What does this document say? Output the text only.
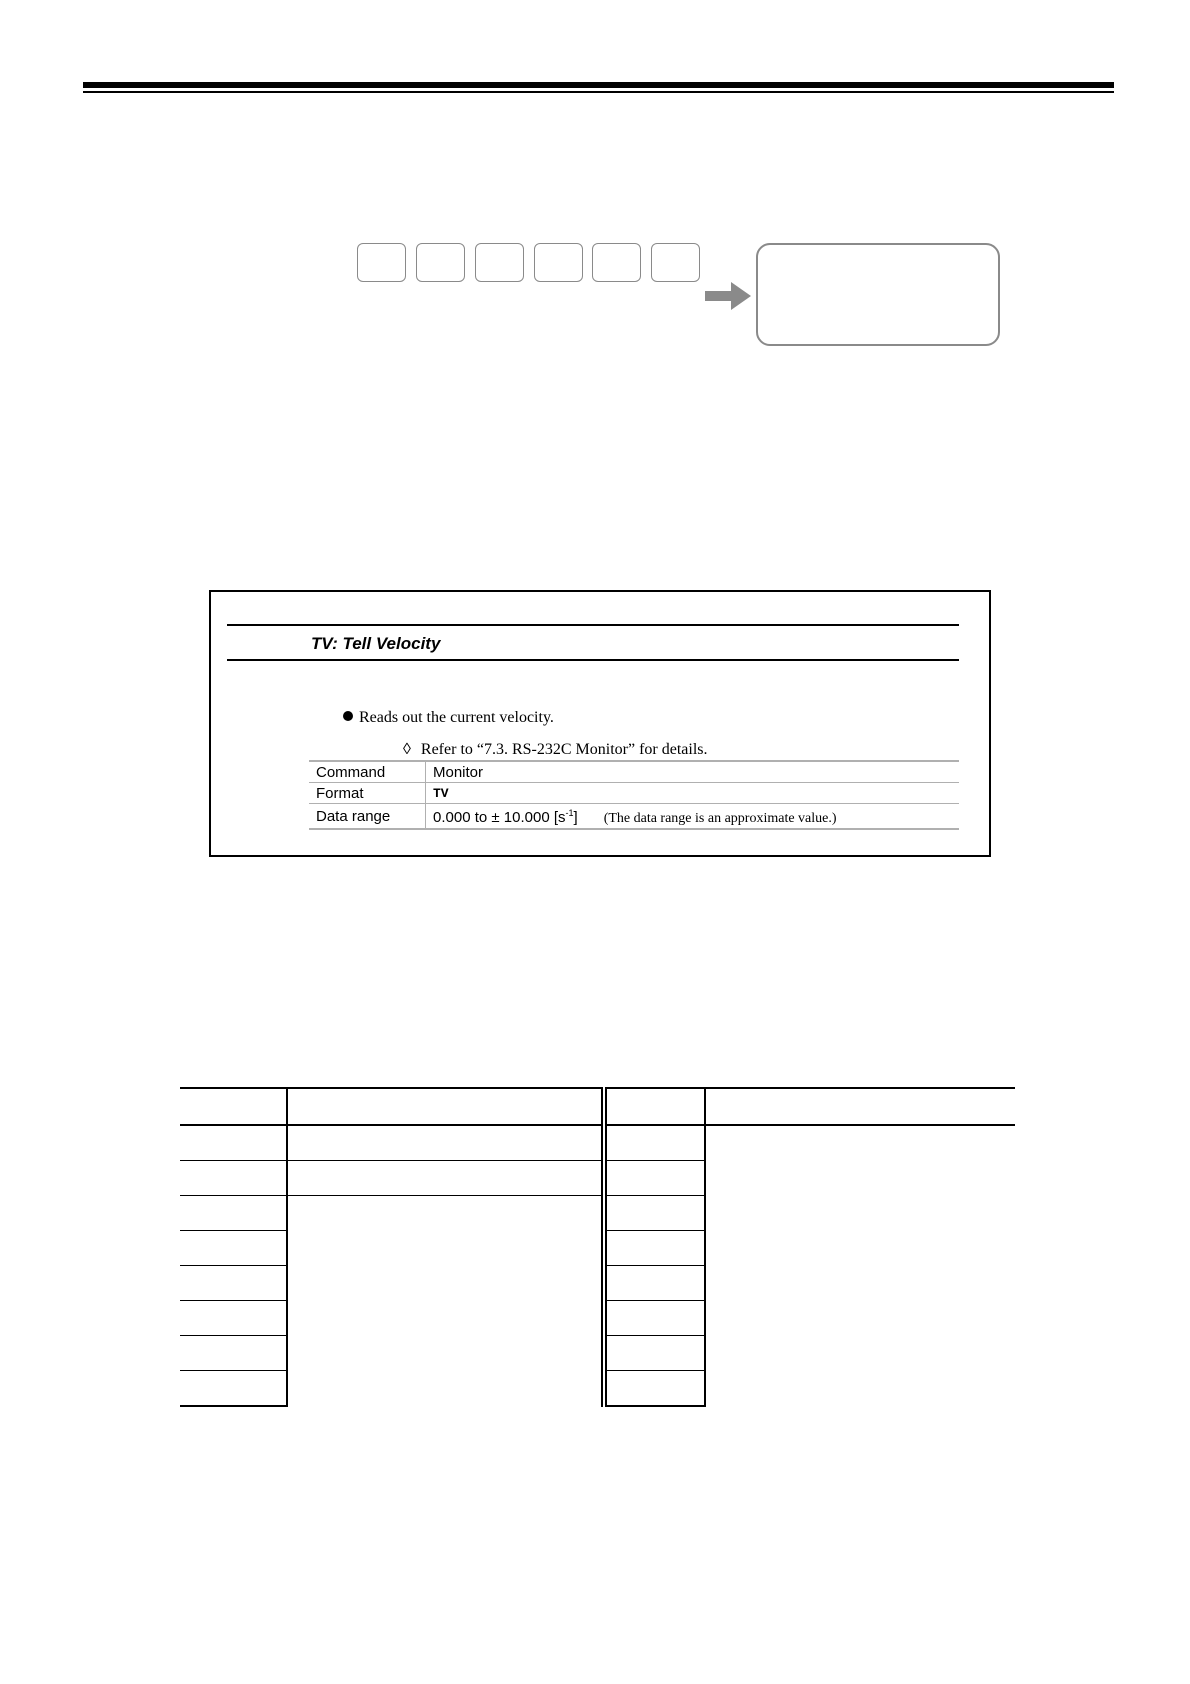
TV: Tell Velocity
Reads out the current velocity.
◊ Refer to “7.3. RS-232C Monitor” for details.
Command	Monitor
Format	TV
Data range	0.000 to ± 10.000 $[s^{-1}]$ (The data range is an approximate value.)
